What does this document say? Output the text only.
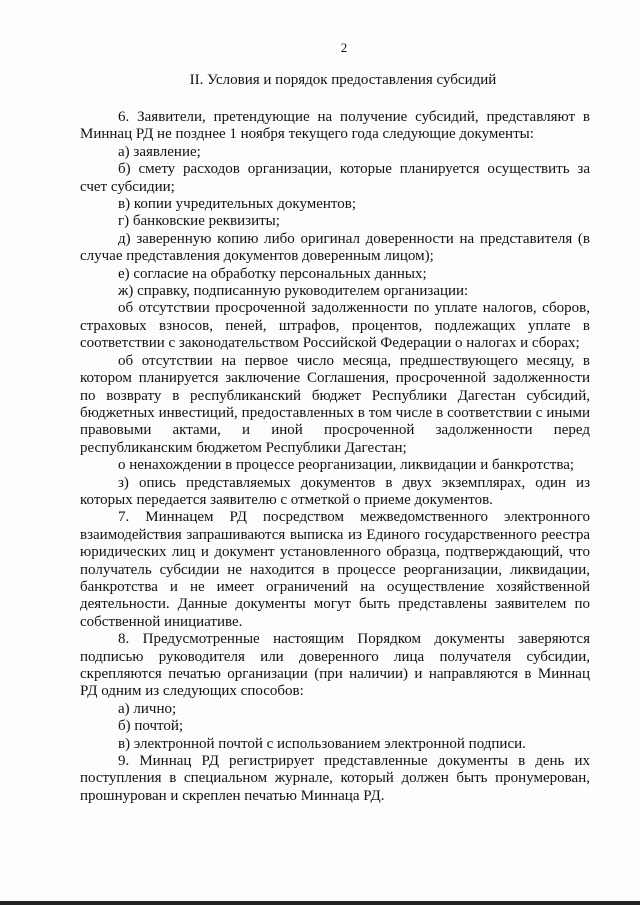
2
II. Условия и порядок предоставления субсидий

6. Заявители, претендующие на получение субсидий, представляют в Миннац РД не позднее 1 ноября текущего года следующие документы:

а) заявление;

б) смету расходов организации, которые планируется осуществить за счет субсидии;

в) копии учредительных документов;

г) банковские реквизиты;

д) заверенную копию либо оригинал доверенности на представителя (в случае представления документов доверенным лицом);

е) согласие на обработку персональных данных;

ж) справку, подписанную руководителем организации:

об отсутствии просроченной задолженности по уплате налогов, сборов, страховых взносов, пеней, штрафов, процентов, подлежащих уплате в соответствии с законодательством Российской Федерации о налогах и сборах;

об отсутствии на первое число месяца, предшествующего месяцу, в котором планируется заключение Соглашения, просроченной задолженности по возврату в республиканский бюджет Республики Дагестан субсидий, бюджетных инвестиций, предоставленных в том числе в соответствии с иными правовыми актами, и иной просроченной задолженности перед республиканским бюджетом Республики Дагестан;

о ненахождении в процессе реорганизации, ликвидации и банкротства;

з) опись представляемых документов в двух экземплярах, один из которых передается заявителю с отметкой о приеме документов.

7. Миннацем РД посредством межведомственного электронного взаимодействия запрашиваются выписка из Единого государственного реестра юридических лиц и документ установленного образца, подтверждающий, что получатель субсидии не находится в процессе реорганизации, ликвидации, банкротства и не имеет ограничений на осуществление хозяйственной деятельности. Данные документы могут быть представлены заявителем по собственной инициативе.

8. Предусмотренные настоящим Порядком документы заверяются подписью руководителя или доверенного лица получателя субсидии, скрепляются печатью организации (при наличии) и направляются в Миннац РД одним из следующих способов:

а) лично;

б) почтой;

в) электронной почтой с использованием электронной подписи.

9. Миннац РД регистрирует представленные документы в день их поступления в специальном журнале, который должен быть пронумерован, прошнурован и скреплен печатью Миннаца РД.
